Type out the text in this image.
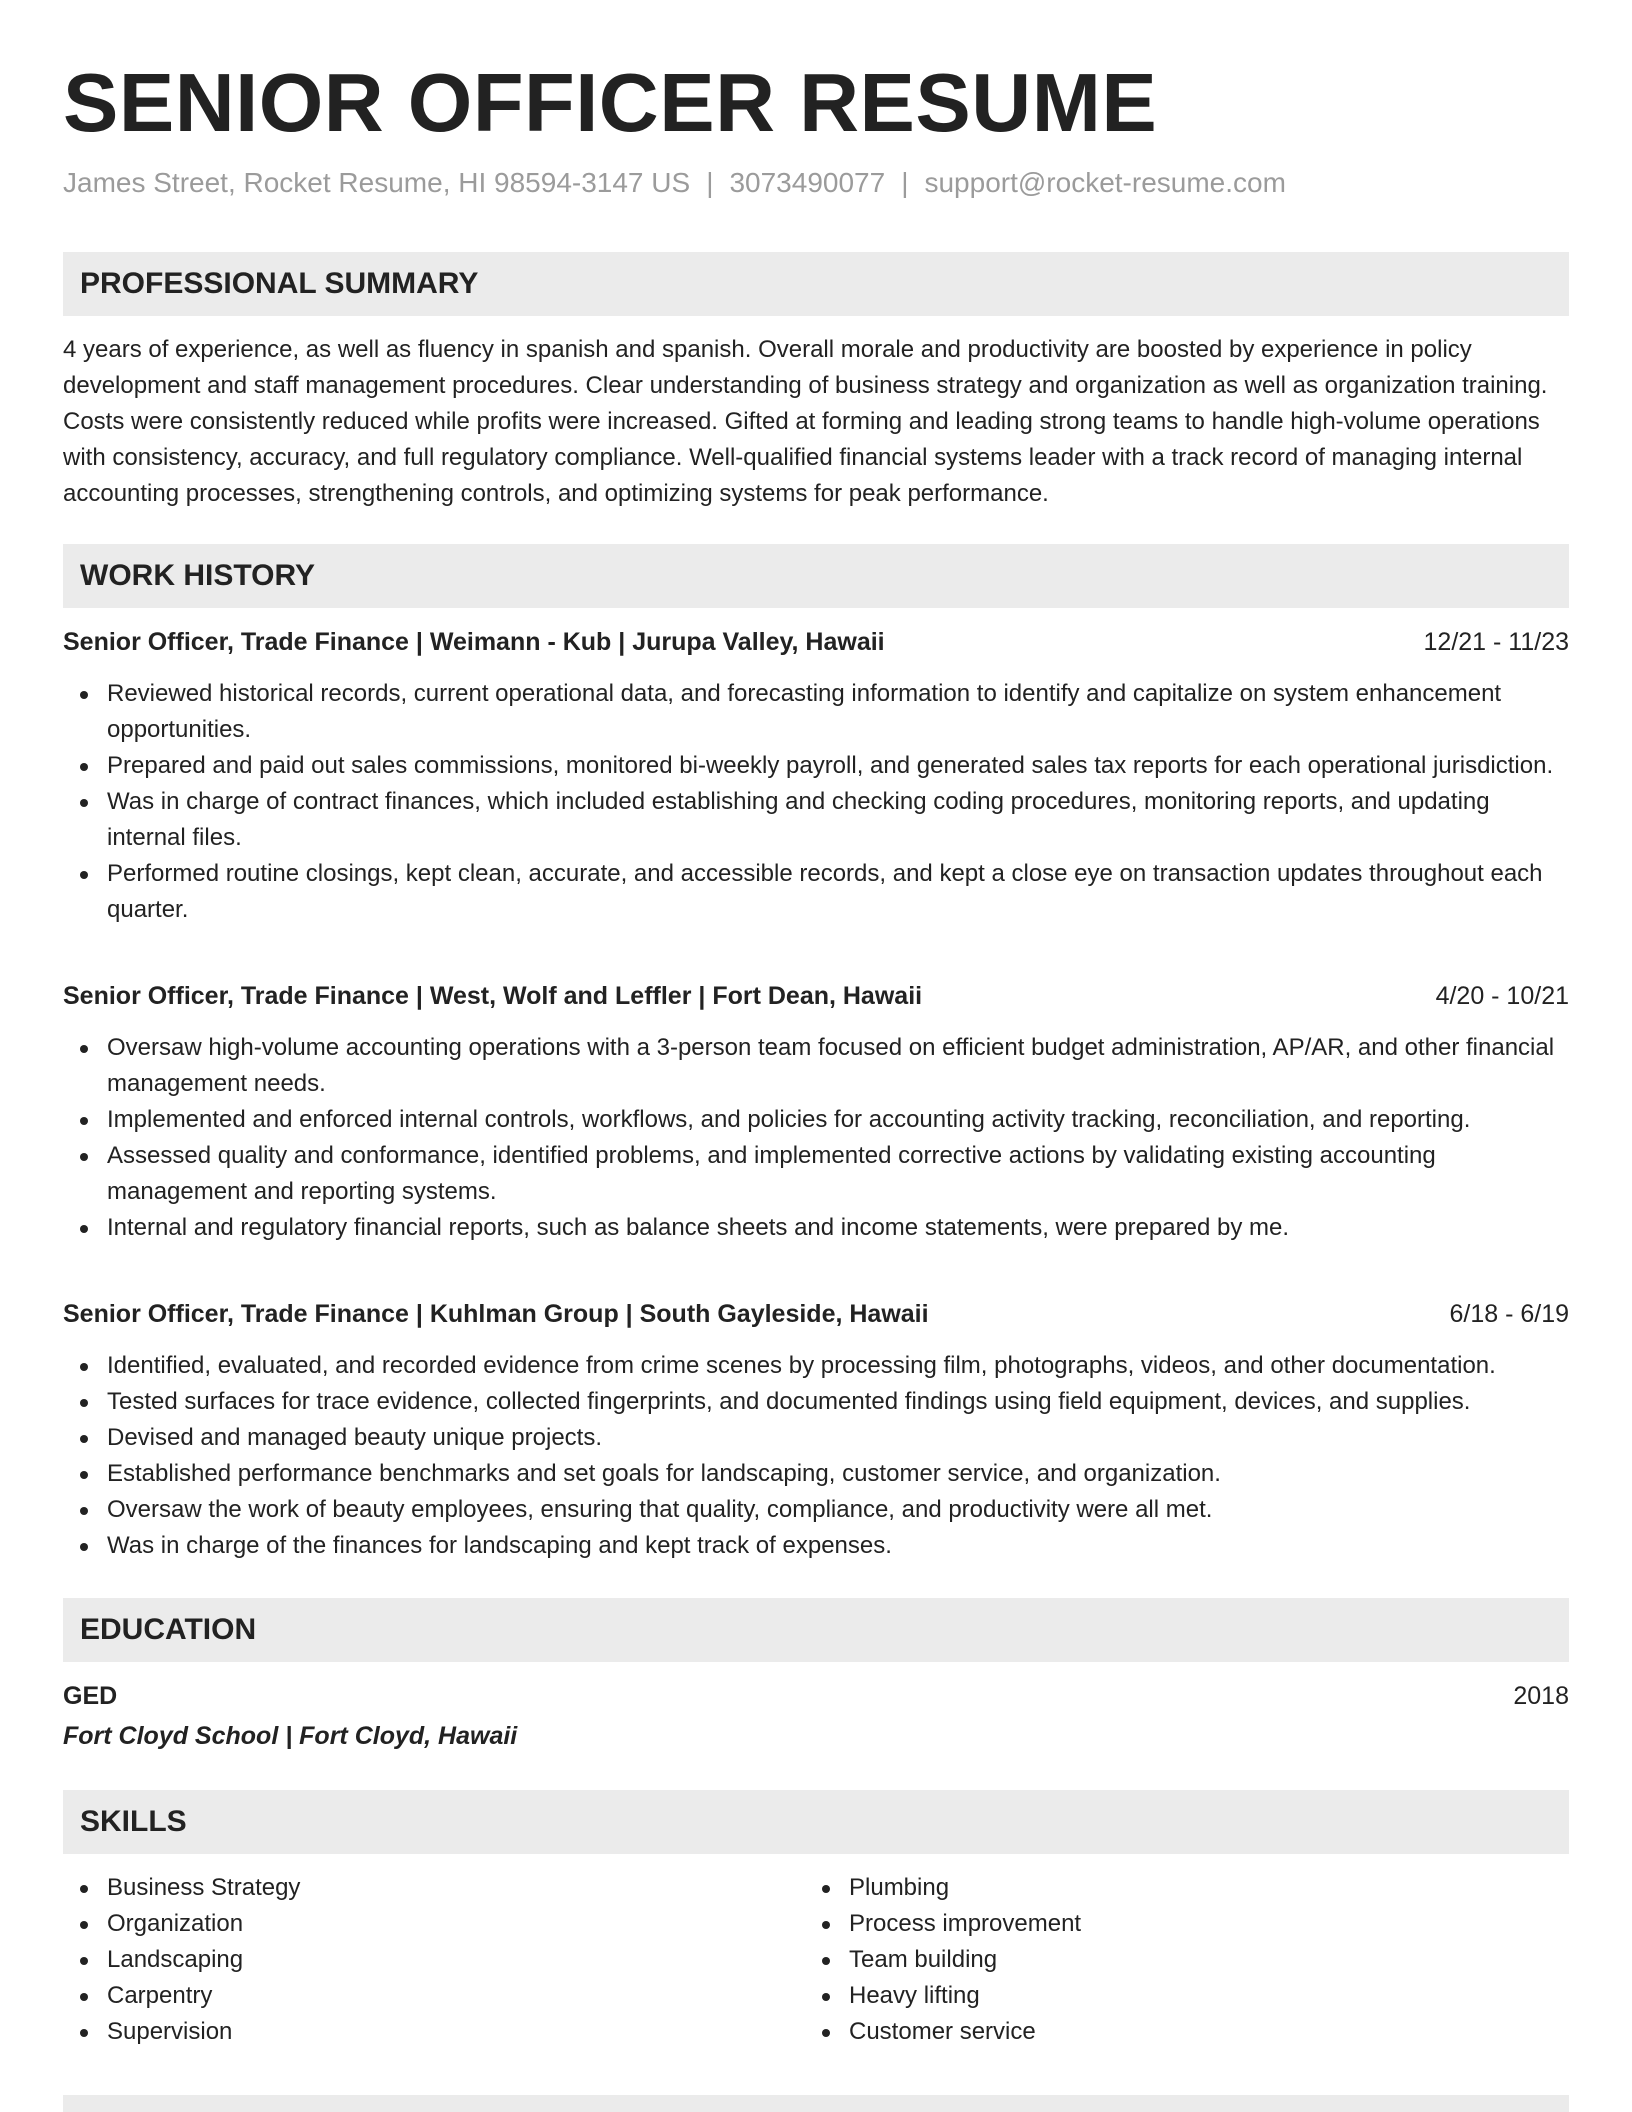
SENIOR OFFICER RESUME
James Street, Rocket Resume, HI 98594-3147 US | 3073490077 | support@rocket-resume.com
PROFESSIONAL SUMMARY

4 years of experience, as well as fluency in spanish and spanish. Overall morale and productivity are boosted by experience in policy development and staff management procedures. Clear understanding of business strategy and organization as well as organization training. Costs were consistently reduced while profits were increased. Gifted at forming and leading strong teams to handle high-volume operations with consistency, accuracy, and full regulatory compliance. Well-qualified financial systems leader with a track record of managing internal accounting processes, strengthening controls, and optimizing systems for peak performance.

WORK HISTORY
Senior Officer, Trade Finance | Weimann - Kub | Jurupa Valley, Hawaii	12/21 - 11/23
Reviewed historical records, current operational data, and forecasting information to identify and capitalize on system enhancement opportunities.
Prepared and paid out sales commissions, monitored bi-weekly payroll, and generated sales tax reports for each operational jurisdiction.
Was in charge of contract finances, which included establishing and checking coding procedures, monitoring reports, and updating internal files.
Performed routine closings, kept clean, accurate, and accessible records, and kept a close eye on transaction updates throughout each quarter.
Senior Officer, Trade Finance | West, Wolf and Leffler | Fort Dean, Hawaii	4/20 - 10/21
Oversaw high-volume accounting operations with a 3-person team focused on efficient budget administration, AP/AR, and other financial management needs.
Implemented and enforced internal controls, workflows, and policies for accounting activity tracking, reconciliation, and reporting.
Assessed quality and conformance, identified problems, and implemented corrective actions by validating existing accounting management and reporting systems.
Internal and regulatory financial reports, such as balance sheets and income statements, were prepared by me.
Senior Officer, Trade Finance | Kuhlman Group | South Gayleside, Hawaii	6/18 - 6/19
Identified, evaluated, and recorded evidence from crime scenes by processing film, photographs, videos, and other documentation.
Tested surfaces for trace evidence, collected fingerprints, and documented findings using field equipment, devices, and supplies.
Devised and managed beauty unique projects.
Established performance benchmarks and set goals for landscaping, customer service, and organization.
Oversaw the work of beauty employees, ensuring that quality, compliance, and productivity were all met.
Was in charge of the finances for landscaping and kept track of expenses.
EDUCATION
GED	2018
Fort Cloyd School | Fort Cloyd, Hawaii
SKILLS
Business Strategy
Organization
Landscaping
Carpentry
Supervision
Plumbing
Process improvement
Team building
Heavy lifting
Customer service
